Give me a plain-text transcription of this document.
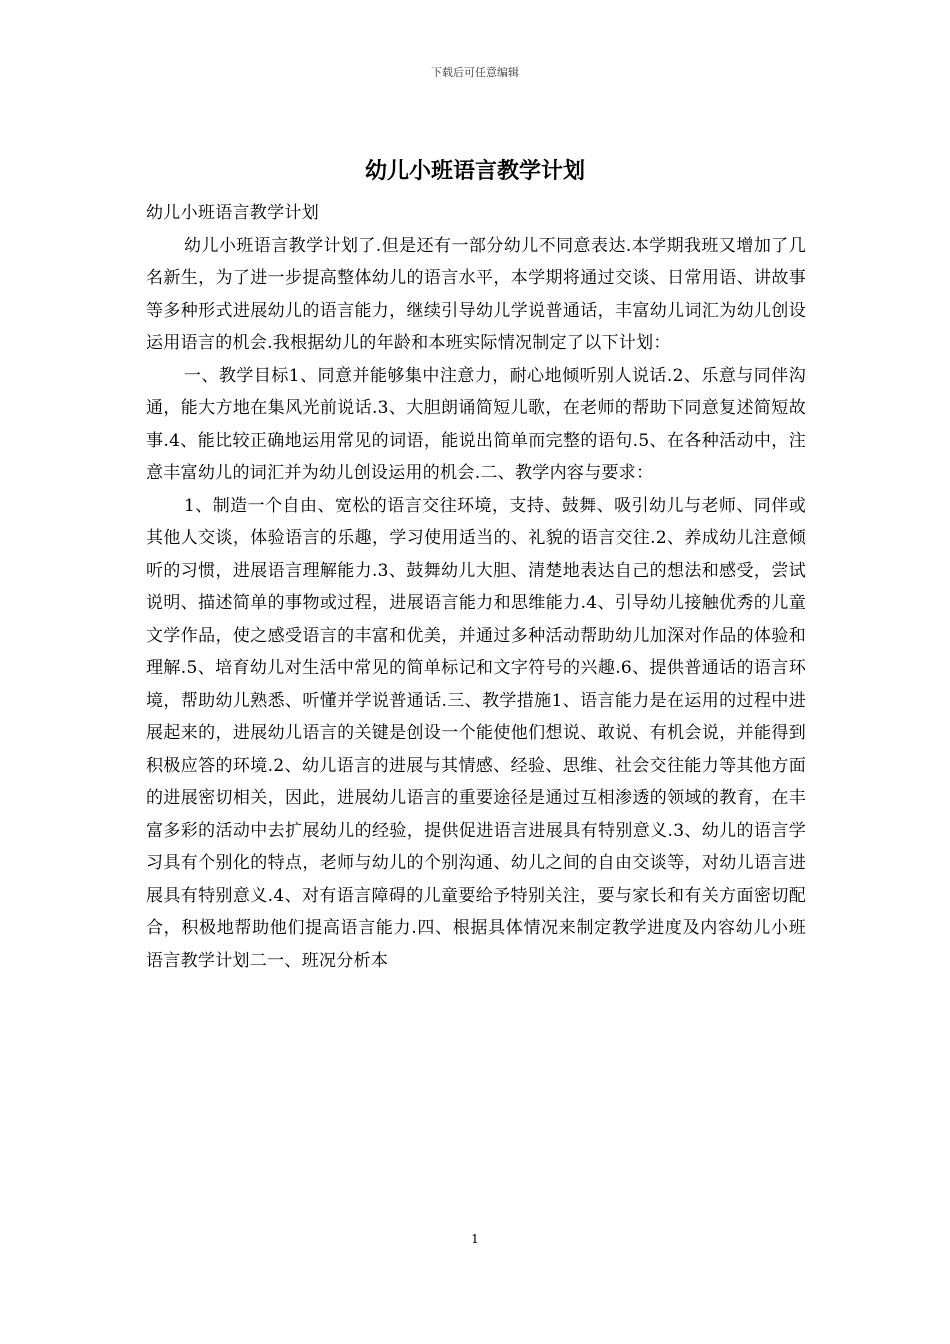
下载后可任意编辑
幼儿小班语言教学计划

幼儿小班语言教学计划

幼儿小班语言教学计划了.但是还有一部分幼儿不同意表达.本学期我班又增加了几名新生，为了进一步提高整体幼儿的语言水平，本学期将通过交谈、日常用语、讲故事等多种形式进展幼儿的语言能力，继续引导幼儿学说普通话，丰富幼儿词汇为幼儿创设运用语言的机会.我根据幼儿的年龄和本班实际情况制定了以下计划：

一、教学目标1、同意并能够集中注意力，耐心地倾听别人说话.2、乐意与同伴沟通，能大方地在集风光前说话.3、大胆朗诵简短儿歌，在老师的帮助下同意复述简短故事.4、能比较正确地运用常见的词语，能说出简单而完整的语句.5、在各种活动中，注意丰富幼儿的词汇并为幼儿创设运用的机会.二、教学内容与要求：

1、制造一个自由、宽松的语言交往环境，支持、鼓舞、吸引幼儿与老师、同伴或其他人交谈，体验语言的乐趣，学习使用适当的、礼貌的语言交往.2、养成幼儿注意倾听的习惯，进展语言理解能力.3、鼓舞幼儿大胆、清楚地表达自己的想法和感受，尝试说明、描述简单的事物或过程，进展语言能力和思维能力.4、引导幼儿接触优秀的儿童文学作品，使之感受语言的丰富和优美，并通过多种活动帮助幼儿加深对作品的体验和理解.5、培育幼儿对生活中常见的简单标记和文字符号的兴趣.6、提供普通话的语言环境，帮助幼儿熟悉、听懂并学说普通话.三、教学措施1、语言能力是在运用的过程中进展起来的，进展幼儿语言的关键是创设一个能使他们想说、敢说、有机会说，并能得到积极应答的环境.2、幼儿语言的进展与其情感、经验、思维、社会交往能力等其他方面的进展密切相关，因此，进展幼儿语言的重要途径是通过互相渗透的领域的教育，在丰富多彩的活动中去扩展幼儿的经验，提供促进语言进展具有特别意义.3、幼儿的语言学习具有个别化的特点，老师与幼儿的个别沟通、幼儿之间的自由交谈等，对幼儿语言进展具有特别意义.4、对有语言障碍的儿童要给予特别关注，要与家长和有关方面密切配合，积极地帮助他们提高语言能力.四、根据具体情况来制定教学进度及内容幼儿小班语言教学计划二一、班况分析本

1
